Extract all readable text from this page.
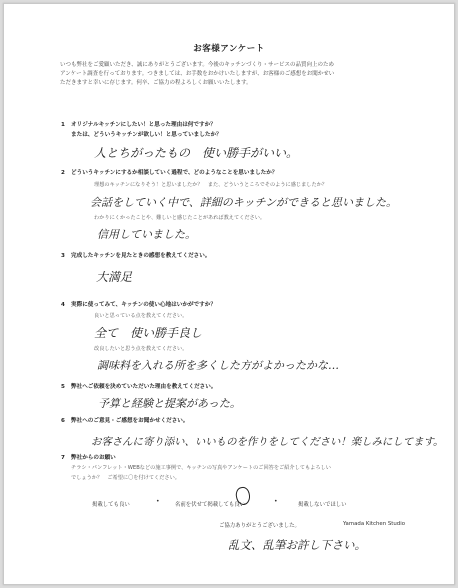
お客様アンケート
いつも弊社をご愛顧いただき、誠にありがとうございます。今後のキッチンづくり・サービスの品質向上のため
アンケート調査を行っております。つきましては、お手数をおかけいたしますが、お客様のご感想をお聞かせい
ただきますと幸いに存じます。何卒、ご協力の程よろしくお願いいたします。
1 オリジナルキッチンにしたい！と思った理由は何ですか？
または、どういうキッチンが欲しい！と思っていましたか？
人とちがったもの　使い勝手がいい。
2 どういうキッチンにするか相談していく過程で、どのようなことを思いましたか？
理想のキッチンになりそう！と思いましたか？　また、どういうところでそのように感じましたか？
会話をしていく中で、詳細のキッチンができると思いました。
わかりにくかったことや、難しいと感じたことがあれば教えてください。
信用していました。
3 完成したキッチンを見たときの感想を教えてください。
大満足
4 実際に使ってみて、キッチンの使い心地はいかがですか？
良いと思っている点を教えてください。
全て　使い勝手良し
改良したいと思う点を教えてください。
調味料を入れる所を多くした方がよかったかな…
5 弊社へご依頼を決めていただいた理由を教えてください。
予算と経験と提案があった。
6 弊社へのご意見・ご感想をお聞かせください。
お客さんに寄り添い、いいものを作りをしてください！楽しみにしてます。
7 弊社からのお願い
チラシ・パンフレット・WEBなどの施工事例で、キッチンの写真やアンケートのご回答をご紹介してもよろしい
でしょうか？　ご希望に〇を付けてください。
掲載しても良い	•	名前を伏せて掲載しても良い	•	掲載しないでほしい
ご協力ありがとうございました。	Yamada Kitchen Studio
乱文、乱筆お許し下さい。
